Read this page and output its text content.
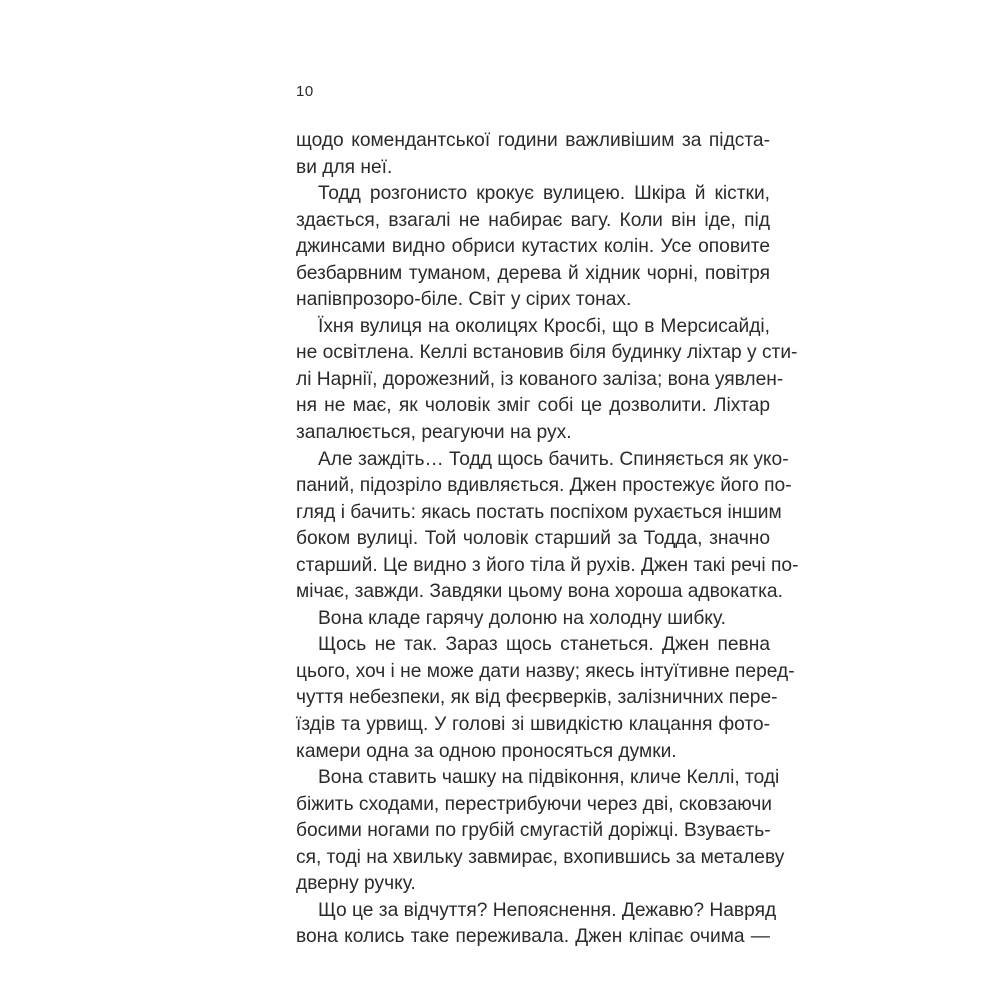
10
щодо комендантської години важливішим за підста-
ви для неї.
Тодд розгонисто крокує вулицею. Шкіра й кістки,
здається, взагалі не набирає вагу. Коли він іде, під
джинсами видно обриси кутастих колін. Усе оповите
безбарвним туманом, дерева й хідник чорні, повітря
напівпрозоро-біле. Світ у сірих тонах.
Їхня вулиця на околицях Кросбі, що в Мерсисайді,
не освітлена. Келлі встановив біля будинку ліхтар у сти-
лі Нарнії, дорожезний, із кованого заліза; вона уявлен-
ня не має, як чоловік зміг собі це дозволити. Ліхтар
запалюється, реагуючи на рух.
Але заждіть… Тодд щось бачить. Спиняється як уко-
паний, підозріло вдивляється. Джен простежує його по-
гляд і бачить: якась постать поспіхом рухається іншим
боком вулиці. Той чоловік старший за Тодда, значно
старший. Це видно з його тіла й рухів. Джен такі речі по-
мічає, завжди. Завдяки цьому вона хороша адвокатка.
Вона кладе гарячу долоню на холодну шибку.
Щось не так. Зараз щось станеться. Джен певна
цього, хоч і не може дати назву; якесь інтуїтивне перед-
чуття небезпеки, як від феєрверків, залізничних пере-
їздів та урвищ. У голові зі швидкістю клацання фото-
камери одна за одною проносяться думки.
Вона ставить чашку на підвіконня, кличе Келлі, тоді
біжить сходами, перестрибуючи через дві, сковзаючи
босими ногами по грубій смугастій доріжці. Взуваєть-
ся, тоді на хвильку завмирає, вхопившись за металеву
дверну ручку.
Що це за відчуття? Непояснення. Дежавю? Навряд
вона колись таке переживала. Джен кліпає очима —
